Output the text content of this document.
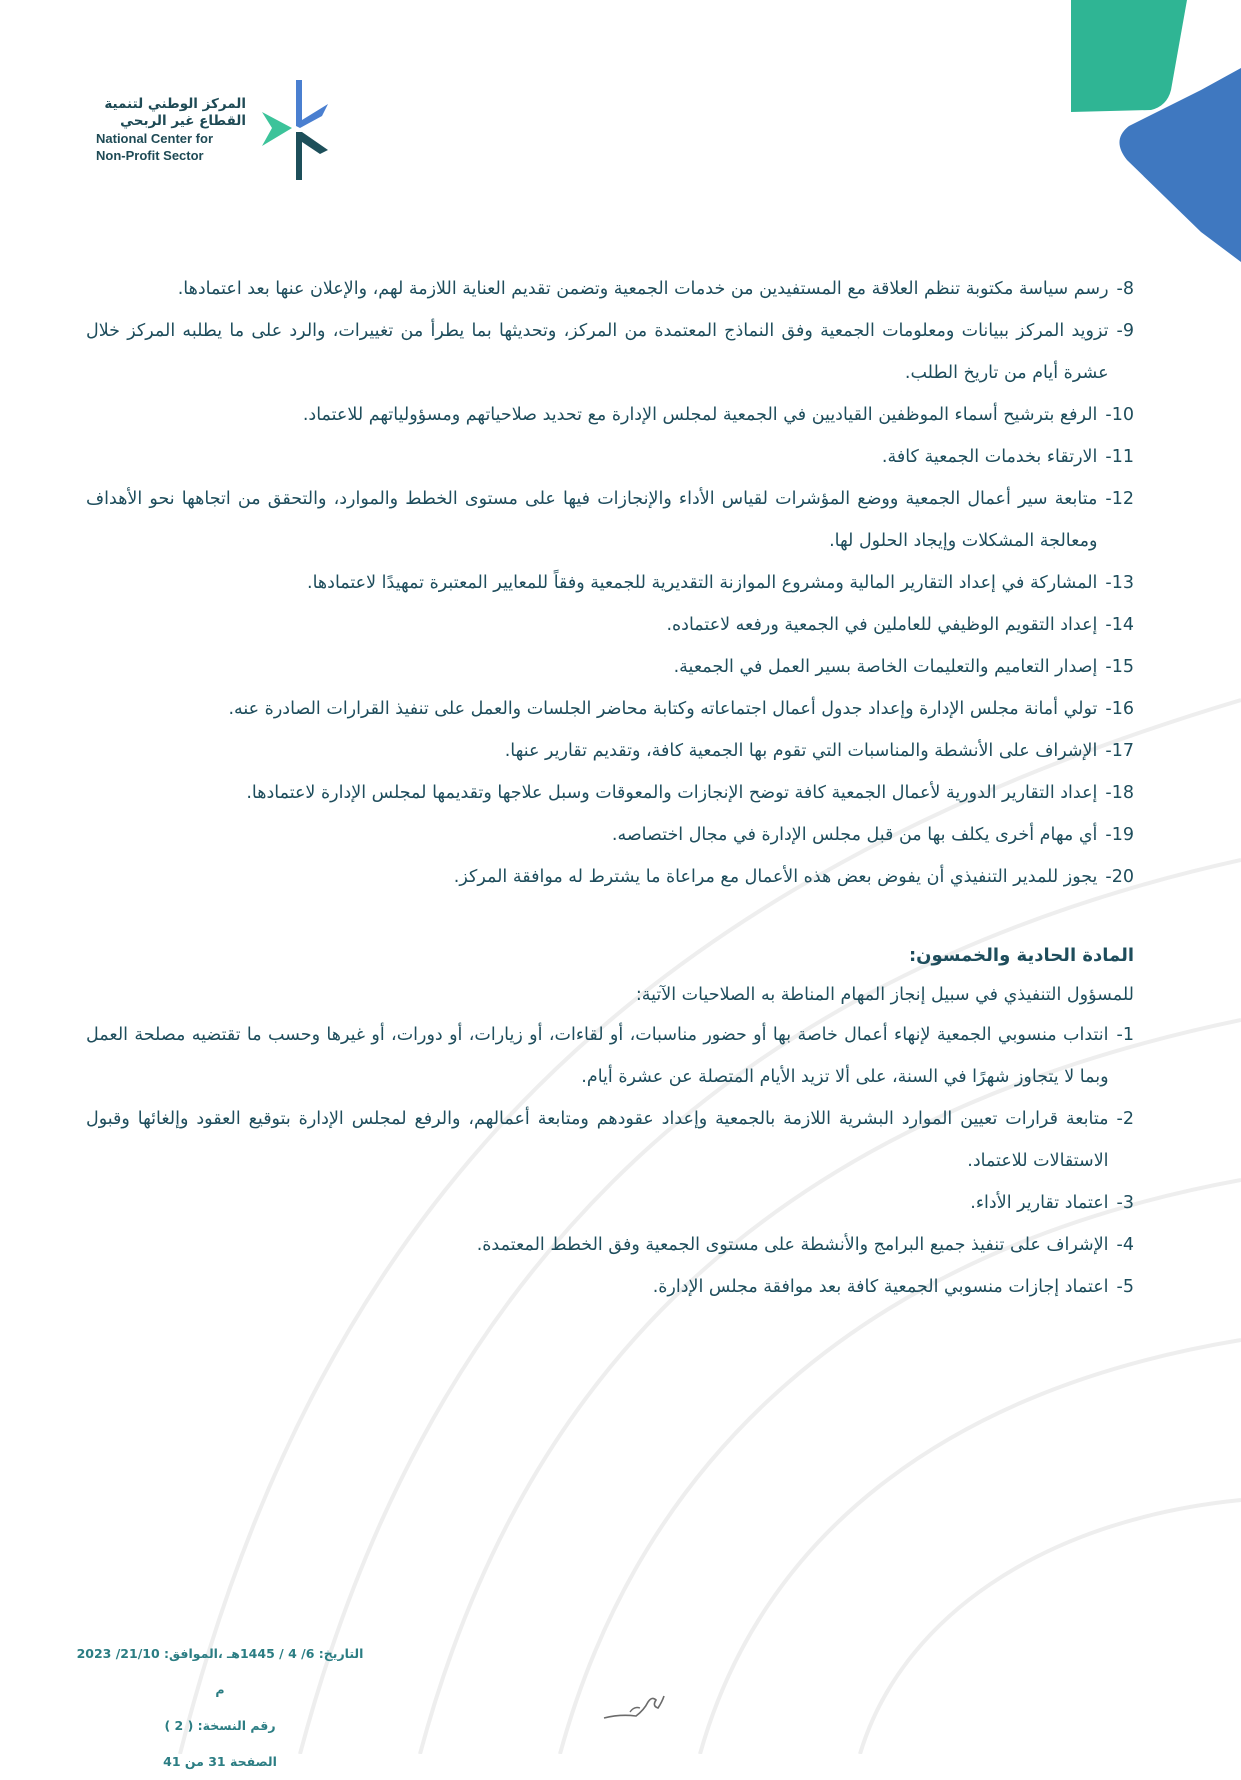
المركز الوطني لتنمية
القطاع غير الربحي
National Center for
Non-Profit Sector
-8
رسم سياسة مكتوبة تنظم العلاقة مع المستفيدين من خدمات الجمعية وتضمن تقديم العناية اللازمة لهم، والإعلان عنها بعد اعتمادها.
-9
تزويد المركز ببيانات ومعلومات الجمعية وفق النماذج المعتمدة من المركز، وتحديثها بما يطرأ من تغييرات، والرد على ما يطلبه المركز خلال عشرة أيام من تاريخ الطلب.
-10
الرفع بترشيح أسماء الموظفين القياديين في الجمعية لمجلس الإدارة مع تحديد صلاحياتهم ومسؤولياتهم للاعتماد.
-11
الارتقاء بخدمات الجمعية كافة.
-12
متابعة سير أعمال الجمعية ووضع المؤشرات لقياس الأداء والإنجازات فيها على مستوى الخطط والموارد، والتحقق من اتجاهها نحو الأهداف ومعالجة المشكلات وإيجاد الحلول لها.
-13
المشاركة في إعداد التقارير المالية ومشروع الموازنة التقديرية للجمعية وفقاً للمعايير المعتبرة تمهيدًا لاعتمادها.
-14
إعداد التقويم الوظيفي للعاملين في الجمعية ورفعه لاعتماده.
-15
إصدار التعاميم والتعليمات الخاصة بسير العمل في الجمعية.
-16
تولي أمانة مجلس الإدارة وإعداد جدول أعمال اجتماعاته وكتابة محاضر الجلسات والعمل على تنفيذ القرارات الصادرة عنه.
-17
الإشراف على الأنشطة والمناسبات التي تقوم بها الجمعية كافة، وتقديم تقارير عنها.
-18
إعداد التقارير الدورية لأعمال الجمعية كافة توضح الإنجازات والمعوقات وسبل علاجها وتقديمها لمجلس الإدارة لاعتمادها.
-19
أي مهام أخرى يكلف بها من قبل مجلس الإدارة في مجال اختصاصه.
-20
يجوز للمدير التنفيذي أن يفوض بعض هذه الأعمال مع مراعاة ما يشترط له موافقة المركز.
المادة الحادية والخمسون:
للمسؤول التنفيذي في سبيل إنجاز المهام المناطة به الصلاحيات الآتية:
-1
انتداب منسوبي الجمعية لإنهاء أعمال خاصة بها أو حضور مناسبات، أو لقاءات، أو زيارات، أو دورات، أو غيرها وحسب ما تقتضيه مصلحة العمل وبما لا يتجاوز شهرًا في السنة، على ألا تزيد الأيام المتصلة عن عشرة أيام.
-2
متابعة قرارات تعيين الموارد البشرية اللازمة بالجمعية وإعداد عقودهم ومتابعة أعمالهم، والرفع لمجلس الإدارة بتوقيع العقود وإلغائها وقبول الاستقالات للاعتماد.
-3
اعتماد تقارير الأداء.
-4
الإشراف على تنفيذ جميع البرامج والأنشطة على مستوى الجمعية وفق الخطط المعتمدة.
-5
اعتماد إجازات منسوبي الجمعية كافة بعد موافقة مجلس الإدارة.
التاريخ: 6/ 4 / 1445هـ ،الموافق: 21/10/ 2023 م
رقم النسخة: ( 2 )
الصفحة 31 من 41
